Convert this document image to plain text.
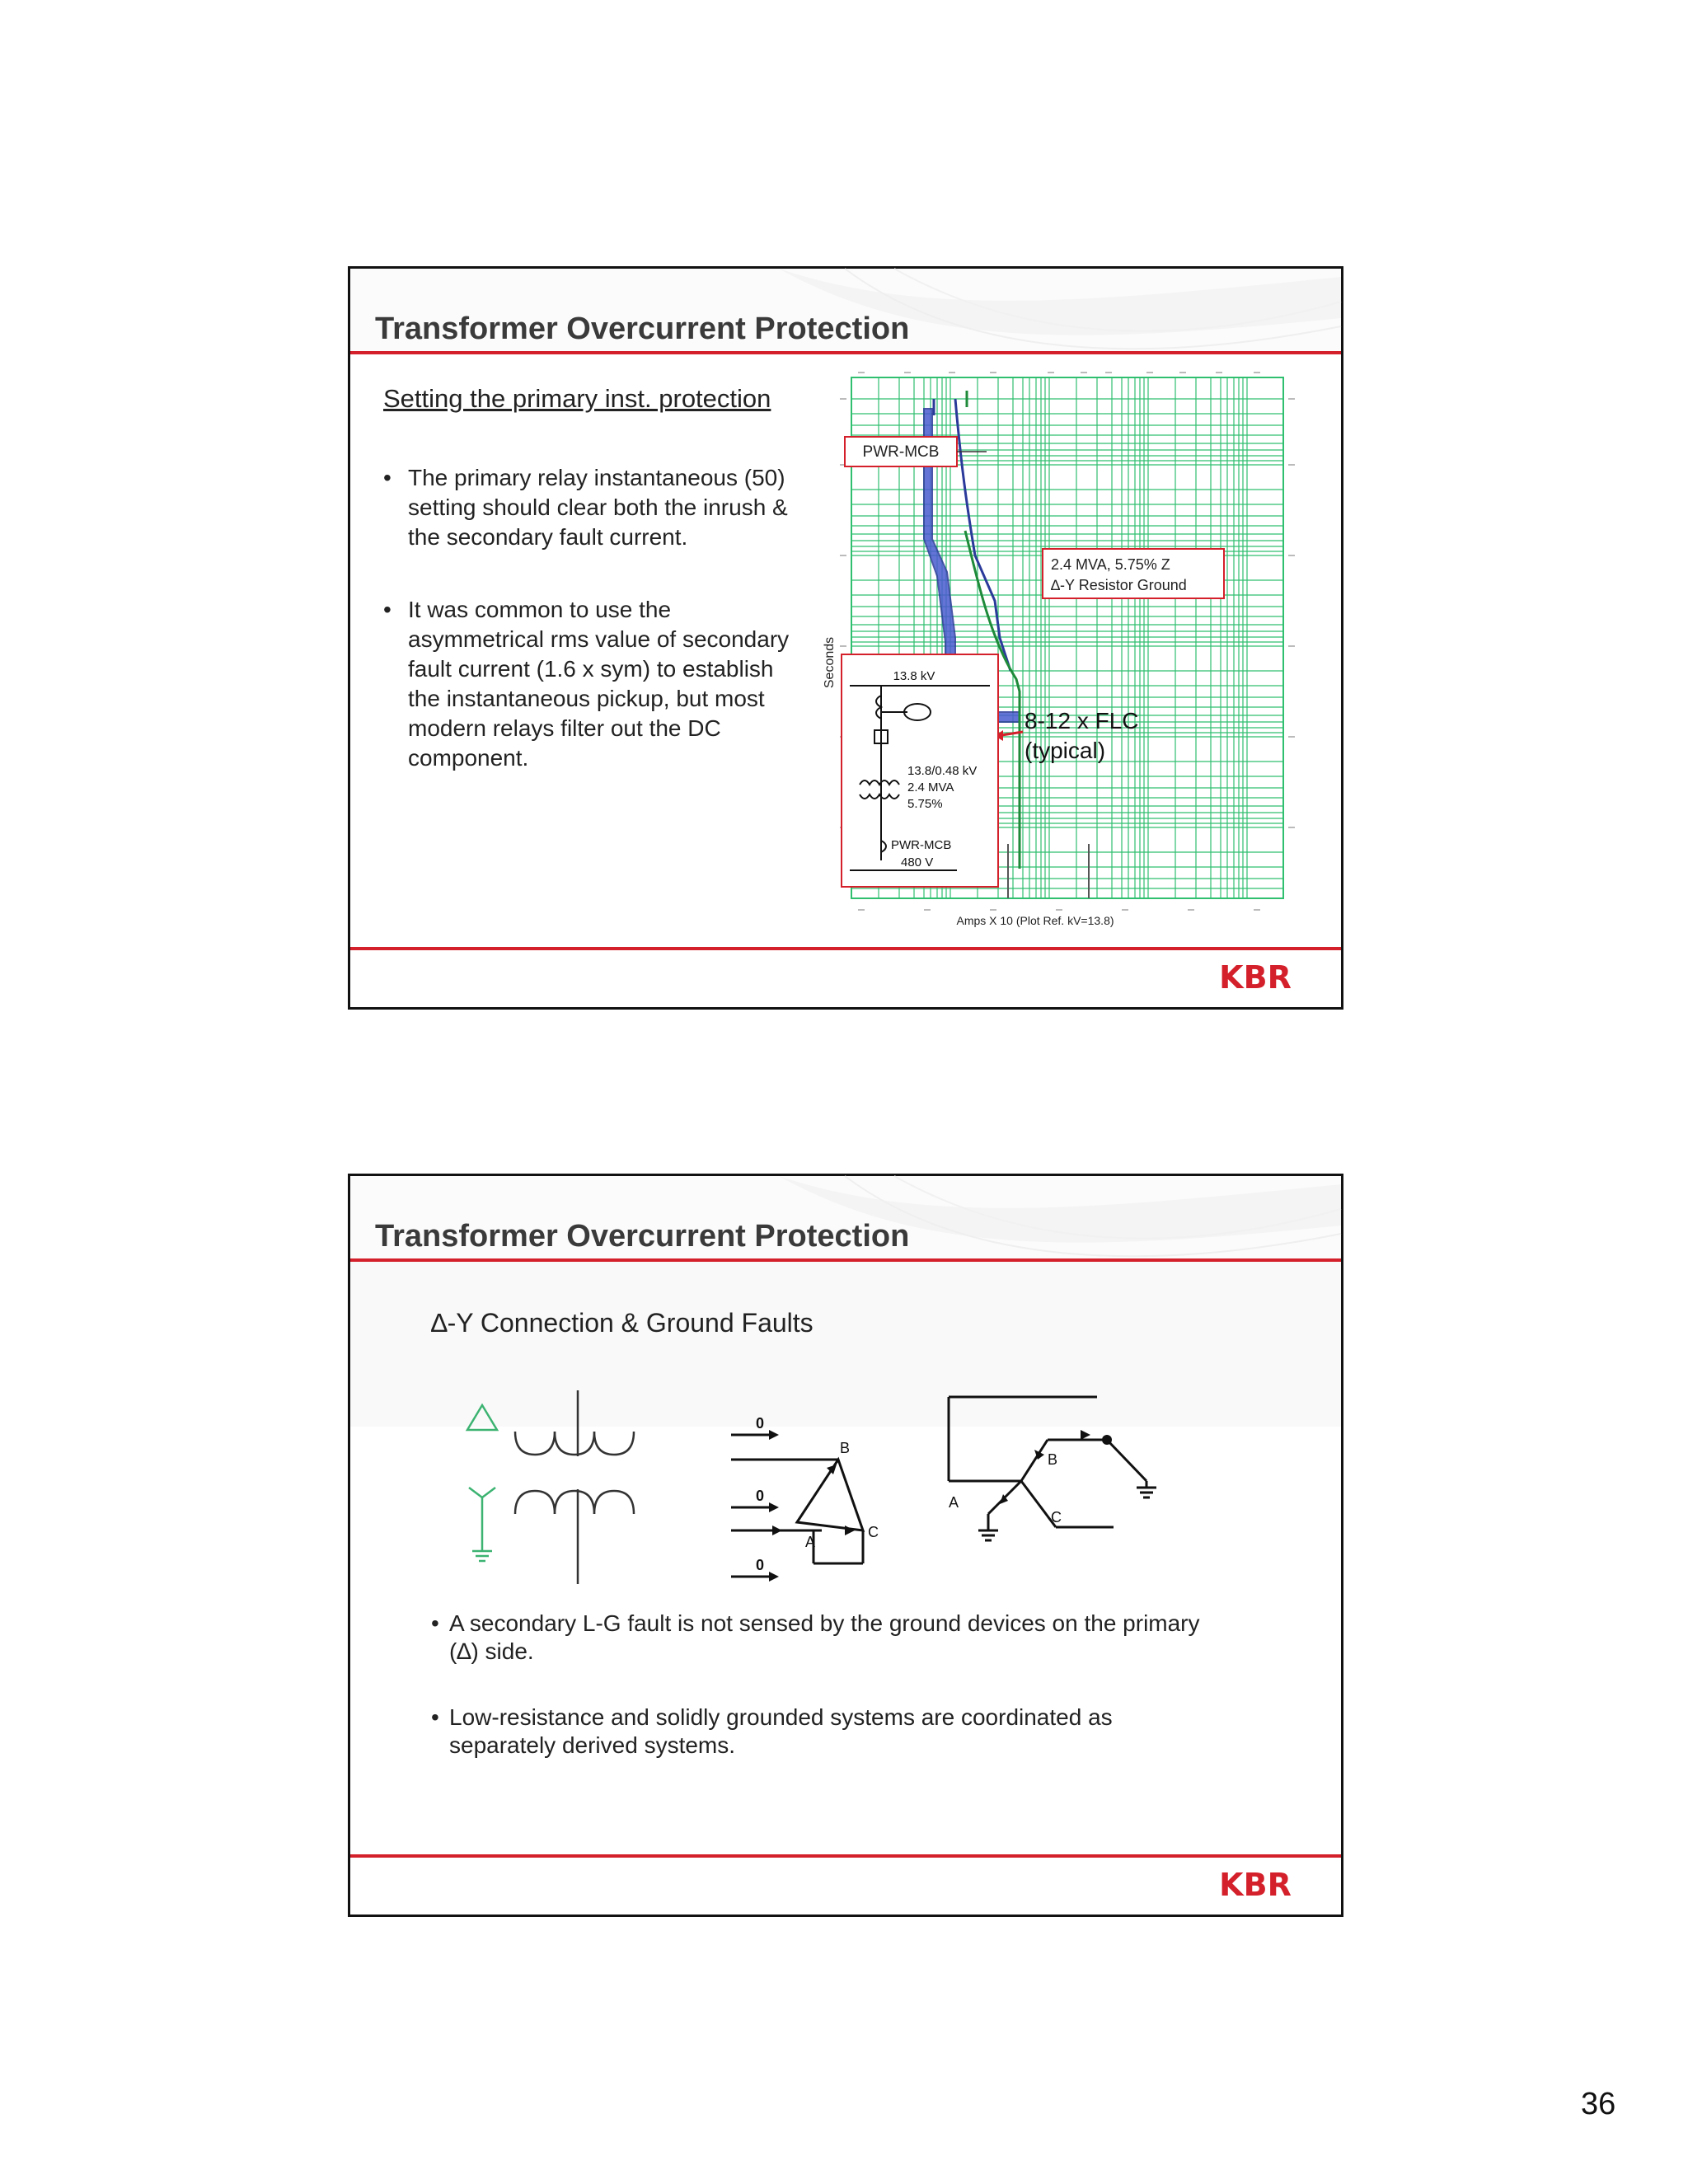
Transformer Overcurrent Protection
Setting the primary inst. protection
• The primary relay instantaneous (50) setting should clear both the inrush & the secondary fault current.
• It was common to use the asymmetrical rms value of secondary fault current (1.6 x sym) to establish the instantaneous pickup, but most modern relays filter out the DC component.
Seconds
Amps X 10 (Plot Ref. kV=13.8)
PWR-MCB
2.4 MVA, 5.75% Z
∆-Y Resistor Ground
8-12 x FLC
(typical)
13.8 kV
13.8/0.48 kV
2.4 MVA
5.75%
PWR-MCB
480 V
KBR
Transformer Overcurrent Protection
∆-Y Connection & Ground Faults
0
0
0
B
A
C
B
A
C
• A secondary L-G fault is not sensed by the ground devices on the primary (∆) side.
• Low-resistance and solidly grounded systems are coordinated as separately derived systems.
KBR
36
